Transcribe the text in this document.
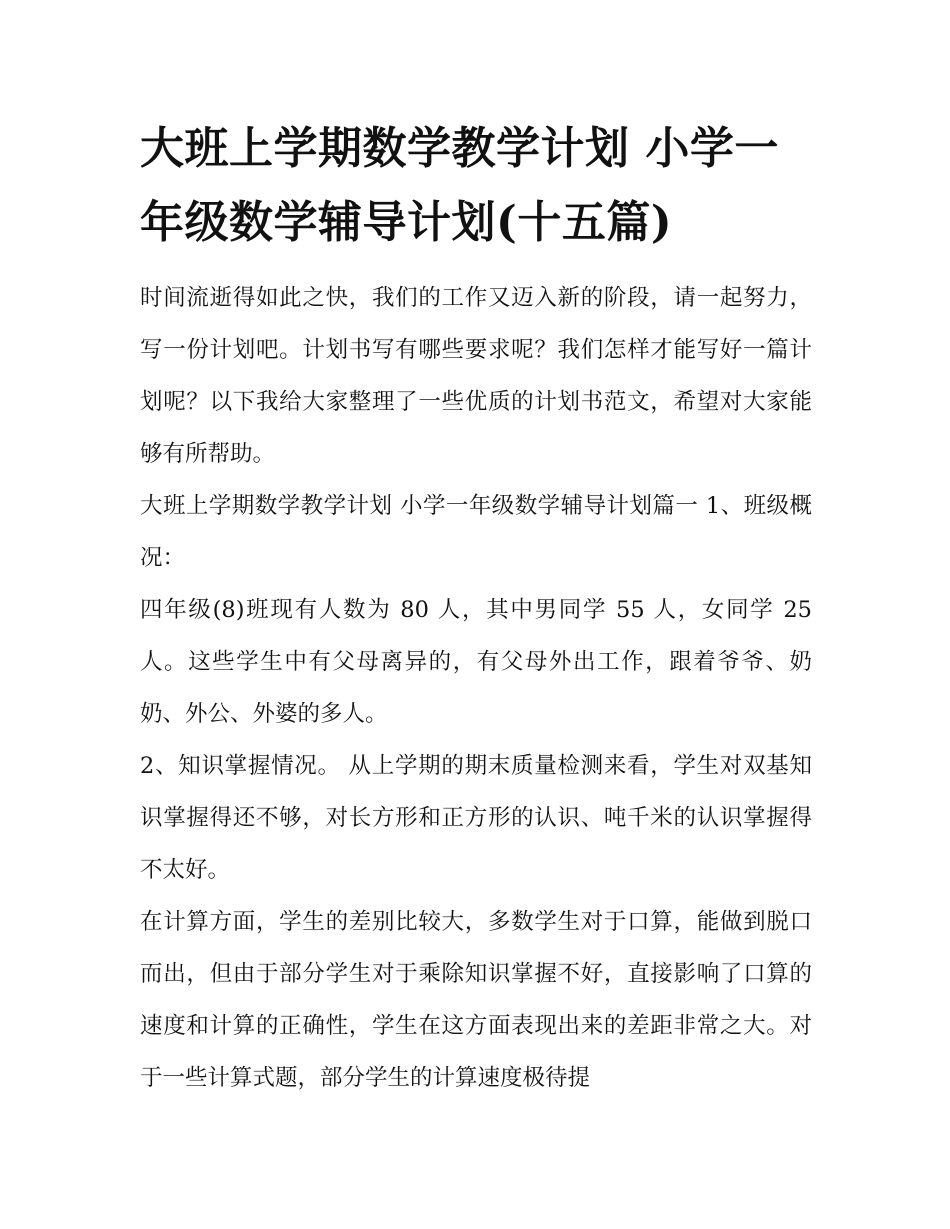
大班上学期数学教学计划 小学一年级数学辅导计划(十五篇)

时间流逝得如此之快，我们的工作又迈入新的阶段，请一起努力，写一份计划吧。计划书写有哪些要求呢？我们怎样才能写好一篇计划呢？以下我给大家整理了一些优质的计划书范文，希望对大家能够有所帮助。

大班上学期数学教学计划 小学一年级数学辅导计划篇一 1、班级概况：

四年级(8)班现有人数为 80 人，其中男同学 55 人，女同学 25 人。这些学生中有父母离异的，有父母外出工作，跟着爷爷、奶奶、外公、外婆的多人。

2、知识掌握情况。 从上学期的期末质量检测来看，学生对双基知识掌握得还不够，对长方形和正方形的认识、吨千米的认识掌握得不太好。

在计算方面，学生的差别比较大，多数学生对于口算，能做到脱口而出，但由于部分学生对于乘除知识掌握不好，直接影响了口算的速度和计算的正确性，学生在这方面表现出来的差距非常之大。对于一些计算式题，部分学生的计算速度极待提
